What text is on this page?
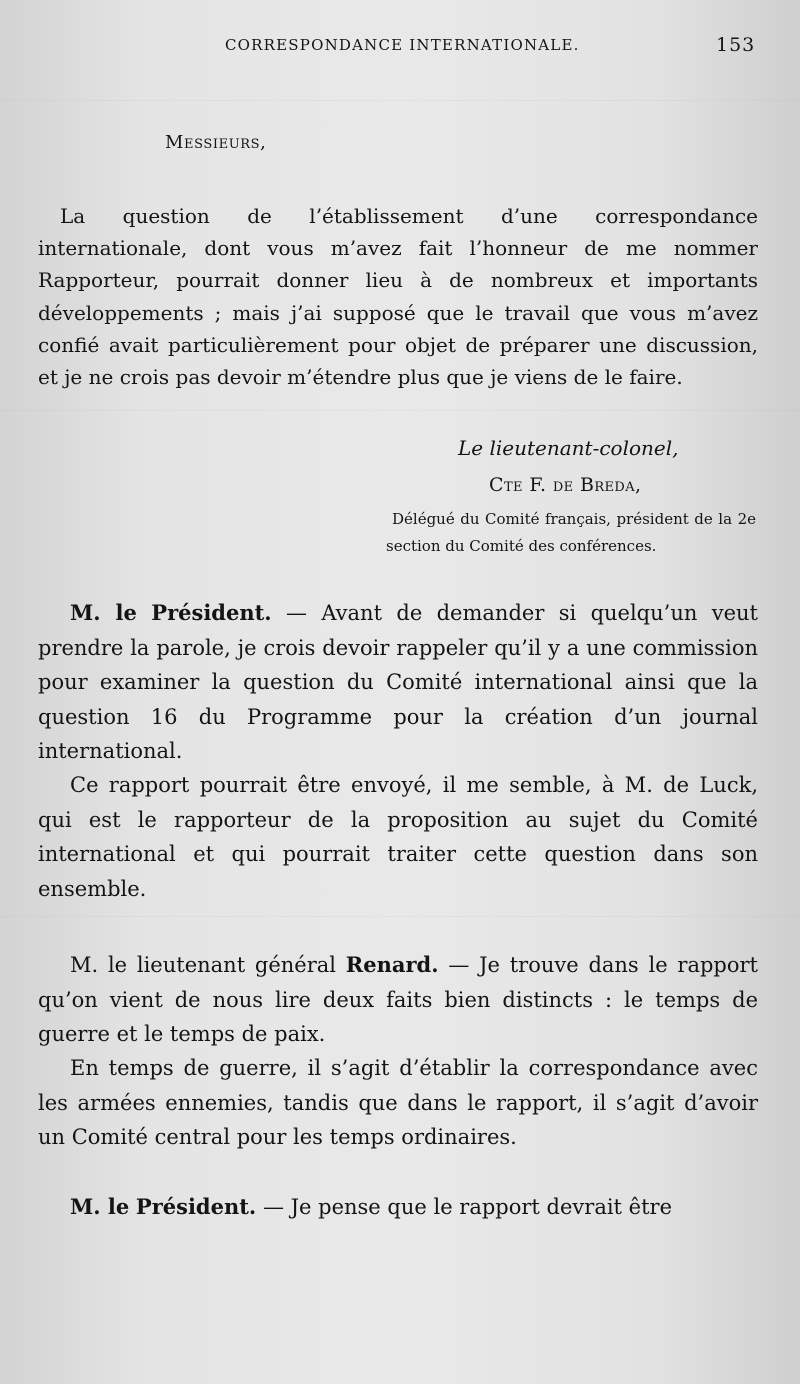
CORRESPONDANCE INTERNATIONALE.	153
Messieurs,
La question de l’établissement d’une correspondance internationale, dont vous m’avez fait l’honneur de me nommer Rapporteur, pourrait donner lieu à de nombreux et importants développements ; mais j’ai supposé que le travail que vous m’avez confié avait particulièrement pour objet de préparer une discussion, et je ne crois pas devoir m’étendre plus que je viens de le faire.
Le lieutenant-colonel,
Cte F. de Breda,
Délégué du Comité français, président de la 2e section du Comité des conférences.
M. le Président. — Avant de demander si quelqu’un veut prendre la parole, je crois devoir rappeler qu’il y a une commission pour examiner la question du Comité international ainsi que la question 16 du Programme pour la création d’un journal international.
Ce rapport pourrait être envoyé, il me semble, à M. de Luck, qui est le rapporteur de la proposition au sujet du Comité international et qui pourrait traiter cette question dans son ensemble.
M. le lieutenant général Renard. — Je trouve dans le rapport qu’on vient de nous lire deux faits bien distincts : le temps de guerre et le temps de paix.
En temps de guerre, il s’agit d’établir la correspondance avec les armées ennemies, tandis que dans le rapport, il s’agit d’avoir un Comité central pour les temps ordinaires.
M. le Président. — Je pense que le rapport devrait être
